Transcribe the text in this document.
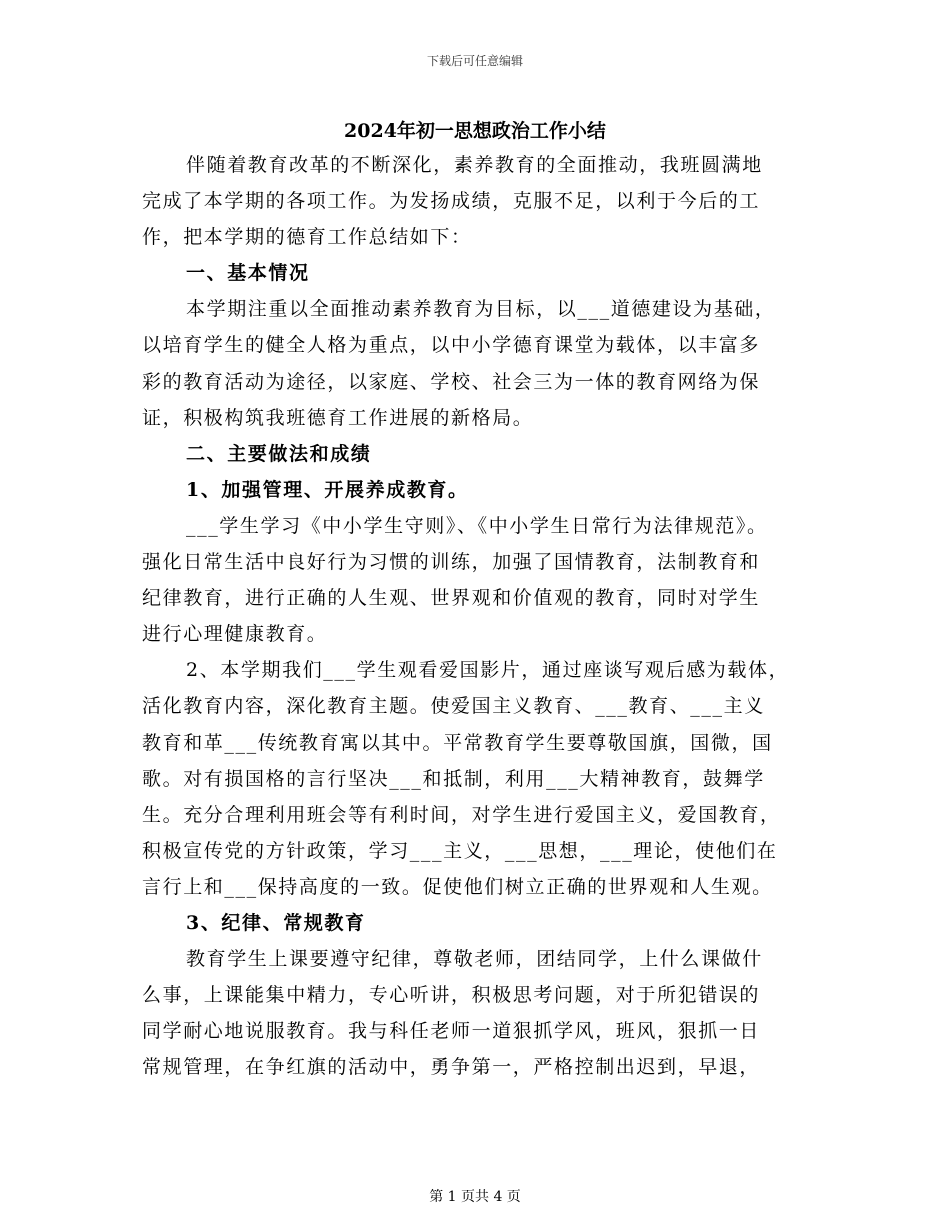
下载后可任意编辑
2024年初一思想政治工作小结
伴随着教育改革的不断深化，素养教育的全面推动，我班圆满地
完成了本学期的各项工作。为发扬成绩，克服不足，以利于今后的工
作，把本学期的德育工作总结如下：
一、基本情况
本学期注重以全面推动素养教育为目标，以___道德建设为基础，
以培育学生的健全人格为重点，以中小学德育课堂为载体，以丰富多
彩的教育活动为途径，以家庭、学校、社会三为一体的教育网络为保
证，积极构筑我班德育工作进展的新格局。
二、主要做法和成绩
1、加强管理、开展养成教育。
___学生学习《中小学生守则》、《中小学生日常行为法律规范》。
强化日常生活中良好行为习惯的训练，加强了国情教育，法制教育和
纪律教育，进行正确的人生观、世界观和价值观的教育，同时对学生
进行心理健康教育。
2、本学期我们___学生观看爱国影片，通过座谈写观后感为载体，
活化教育内容，深化教育主题。使爱国主义教育、___教育、___主义
教育和革___传统教育寓以其中。平常教育学生要尊敬国旗，国微，国
歌。对有损国格的言行坚决___和抵制，利用___大精神教育，鼓舞学
生。充分合理利用班会等有利时间，对学生进行爱国主义，爱国教育，
积极宣传党的方针政策，学习___主义，___思想，___理论，使他们在
言行上和___保持高度的一致。促使他们树立正确的世界观和人生观。
3、纪律、常规教育
教育学生上课要遵守纪律，尊敬老师，团结同学，上什么课做什
么事，上课能集中精力，专心听讲，积极思考问题，对于所犯错误的
同学耐心地说服教育。我与科任老师一道狠抓学风，班风，狠抓一日
常规管理，在争红旗的活动中，勇争第一，严格控制出迟到，早退，
第 1 页共 4 页
